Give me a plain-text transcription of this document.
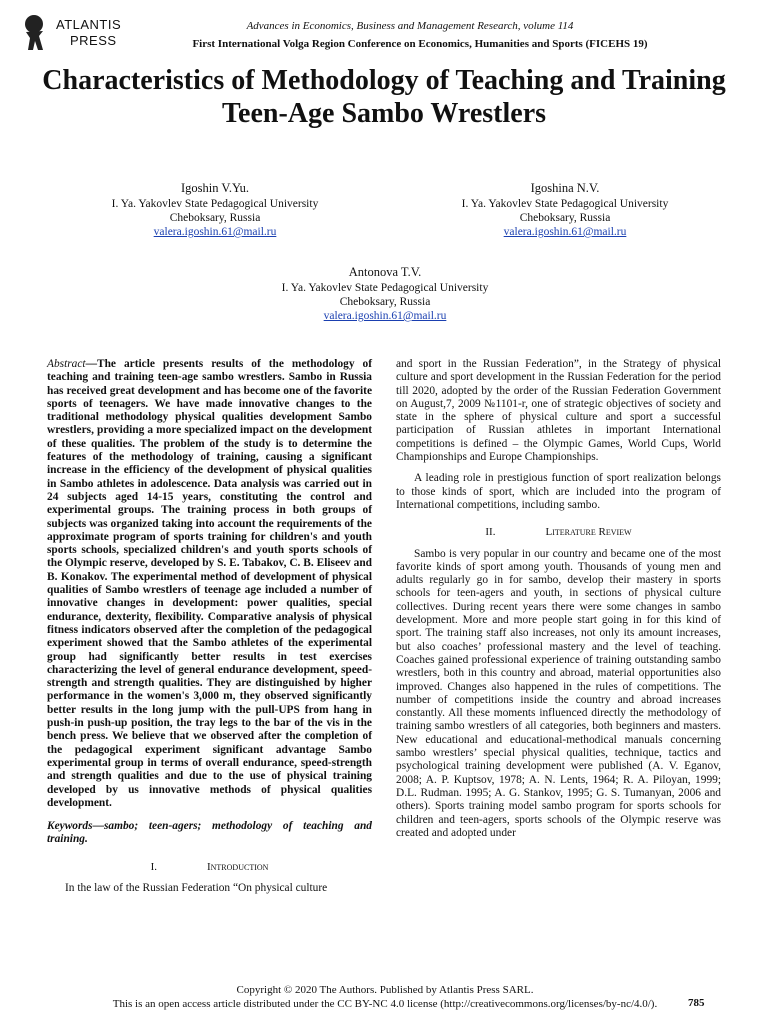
ATLANTIS
PRESS
Advances in Economics, Business and Management Research, volume 114
First International Volga Region Conference on Economics, Humanities and Sports (FICEHS 19)
Characteristics of Methodology of Teaching and Training Teen-Age Sambo Wrestlers
Igoshin V.Yu.
I. Ya. Yakovlev State Pedagogical University
Cheboksary, Russia
valera.igoshin.61@mail.ru
Igoshina N.V.
I. Ya. Yakovlev State Pedagogical University
Cheboksary, Russia
valera.igoshin.61@mail.ru
Antonova T.V.
I. Ya. Yakovlev State Pedagogical University
Cheboksary, Russia
valera.igoshin.61@mail.ru

Abstract—The article presents results of the methodology of teaching and training teen-age sambo wrestlers. Sambo in Russia has received great development and has become one of the favorite sports of teenagers. We have made innovative changes to the traditional methodology physical qualities development Sambo wrestlers, providing a more specialized impact on the development of these qualities. The problem of the study is to determine the features of the methodology of training, causing a significant increase in the efficiency of the development of physical qualities in Sambo athletes in adolescence. Data analysis was carried out in 24 subjects aged 14-15 years, constituting the control and experimental groups. The training process in both groups of subjects was organized taking into account the requirements of the approximate program of sports training for children's and youth sports schools, specialized children's and youth sports schools of the Olympic reserve, developed by S. E. Tabakov, C. B. Eliseev and B. Konakov. The experimental method of development of physical qualities of Sambo wrestlers of teenage age included a number of innovative changes in development: power qualities, special endurance, dexterity, flexibility. Comparative analysis of physical fitness indicators observed after the completion of the pedagogical experiment showed that the Sambo athletes of the experimental group had significantly better results in test exercises characterizing the level of general endurance development, speed-strength and strength qualities. They are distinguished by higher performance in the women's 3,000 m, they observed significantly better results in the long jump with the pull-UPS from hang in push-in push-up position, the tray legs to the bar of the vis in the bench press. We believe that we observed after the completion of the pedagogical experiment significant advantage Sambo experimental group in terms of overall endurance, speed-strength and strength qualities and due to the use of physical training developed by us innovative methods of physical qualities development.

Keywords—sambo; teen-agers; methodology of teaching and training.

I.	Introduction

In the law of the Russian Federation “On physical culture

and sport in the Russian Federation”, in the Strategy of physical culture and sport development in the Russian Federation for the period till 2020, adopted by the order of the Russian Federation Government on August,7, 2009 №1101-r, one of strategic objectives of society and state in the sphere of physical culture and sport a successful participation of Russian athletes in important International competitions is defined – the Olympic Games, World Cups, World Championships and Europe Championships.

A leading role in prestigious function of sport realization belongs to those kinds of sport, which are included into the program of International competitions, including sambo.

II.	Literature Review

Sambo is very popular in our country and became one of the most favorite kinds of sport among youth. Thousands of young men and adults regularly go in for sambo, develop their mastery in sports schools for teen-agers and youth, in sections of physical culture collectives. During recent years there were some changes in sambo development. More and more people start going in for this kind of sport. The training staff also increases, not only its amount increases, but also coaches’ professional mastery and the level of teaching. Coaches gained professional experience of training outstanding sambo wrestlers, both in this country and abroad, material opportunities also improved. Changes also happened in the rules of competitions. The number of competitions inside the country and abroad increases constantly. All these moments influenced directly the methodology of training sambo wrestlers of all categories, both beginners and masters. New educational and educational-methodical manuals concerning sambo wrestlers’ special physical qualities, technique, tactics and psychological training development were published (A. V. Eganov, 2008; A. P. Kuptsov, 1978; A. N. Lents, 1964; R. A. Piloyan, 1999; D.L. Rudman. 1995; A. G. Stankov, 1995; G. S. Tumanyan, 2006 and others). Sports training model sambo program for sports schools for children and teen-agers, sports schools of the Olympic reserve was created and adopted under

Copyright © 2020 The Authors. Published by Atlantis Press SARL.
This is an open access article distributed under the CC BY-NC 4.0 license (http://creativecommons.org/licenses/by-nc/4.0/).	785
